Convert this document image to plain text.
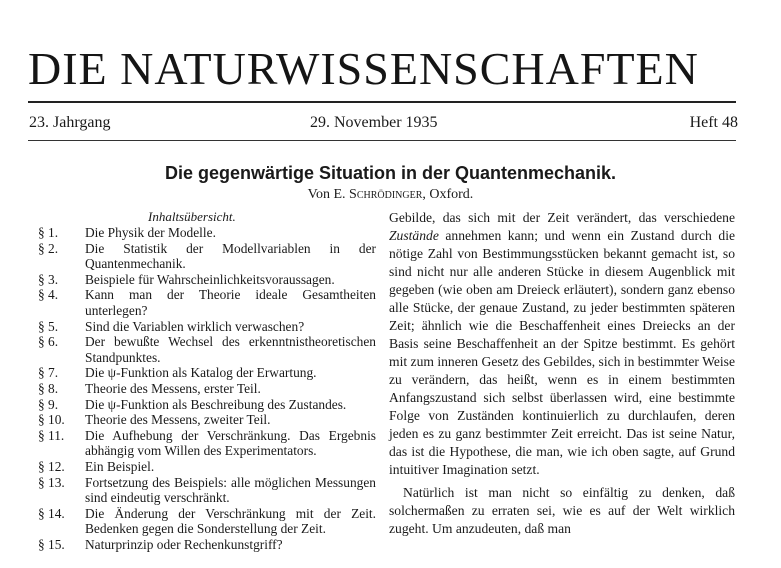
DIE NATURWISSENSCHAFTEN
23. Jahrgang	29. November 1935	Heft 48
Die gegenwärtige Situation in der Quantenmechanik.
Von E. Schrödinger, Oxford.
Inhaltsübersicht.
§ 1.	Die Physik der Modelle.
§ 2.	Die Statistik der Modellvariablen in der Quantenmechanik.
§ 3.	Beispiele für Wahrscheinlichkeitsvoraussagen.
§ 4.	Kann man der Theorie ideale Gesamtheiten unterlegen?
§ 5.	Sind die Variablen wirklich verwaschen?
§ 6.	Der bewußte Wechsel des erkenntnistheoretischen Standpunktes.
§ 7.	Die ψ-Funktion als Katalog der Erwartung.
§ 8.	Theorie des Messens, erster Teil.
§ 9.	Die ψ-Funktion als Beschreibung des Zustandes.
§ 10.	Theorie des Messens, zweiter Teil.
§ 11.	Die Aufhebung der Verschränkung. Das Ergebnis abhängig vom Willen des Experimentators.
§ 12.	Ein Beispiel.
§ 13.	Fortsetzung des Beispiels: alle möglichen Messungen sind eindeutig verschränkt.
§ 14.	Die Änderung der Verschränkung mit der Zeit. Bedenken gegen die Sonderstellung der Zeit.
§ 15.	Naturprinzip oder Rechenkunstgriff?

Gebilde, das sich mit der Zeit verändert, das verschiedene Zustände annehmen kann; und wenn ein Zustand durch die nötige Zahl von Bestimmungsstücken bekannt gemacht ist, so sind nicht nur alle anderen Stücke in diesem Augenblick mit gegeben (wie oben am Dreieck erläutert), sondern ganz ebenso alle Stücke, der genaue Zustand, zu jeder bestimmten späteren Zeit; ähnlich wie die Beschaffenheit eines Dreiecks an der Basis seine Beschaffenheit an der Spitze bestimmt. Es gehört mit zum inneren Gesetz des Gebildes, sich in bestimmter Weise zu verändern, das heißt, wenn es in einem bestimmten Anfangszustand sich selbst überlassen wird, eine bestimmte Folge von Zuständen kontinuierlich zu durchlaufen, deren jeden es zu ganz bestimmter Zeit erreicht. Das ist seine Natur, das ist die Hypothese, die man, wie ich oben sagte, auf Grund intuitiver Imagination setzt.

Natürlich ist man nicht so einfältig zu denken, daß solchermaßen zu erraten sei, wie es auf der Welt wirklich zugeht. Um anzudeuten, daß man
